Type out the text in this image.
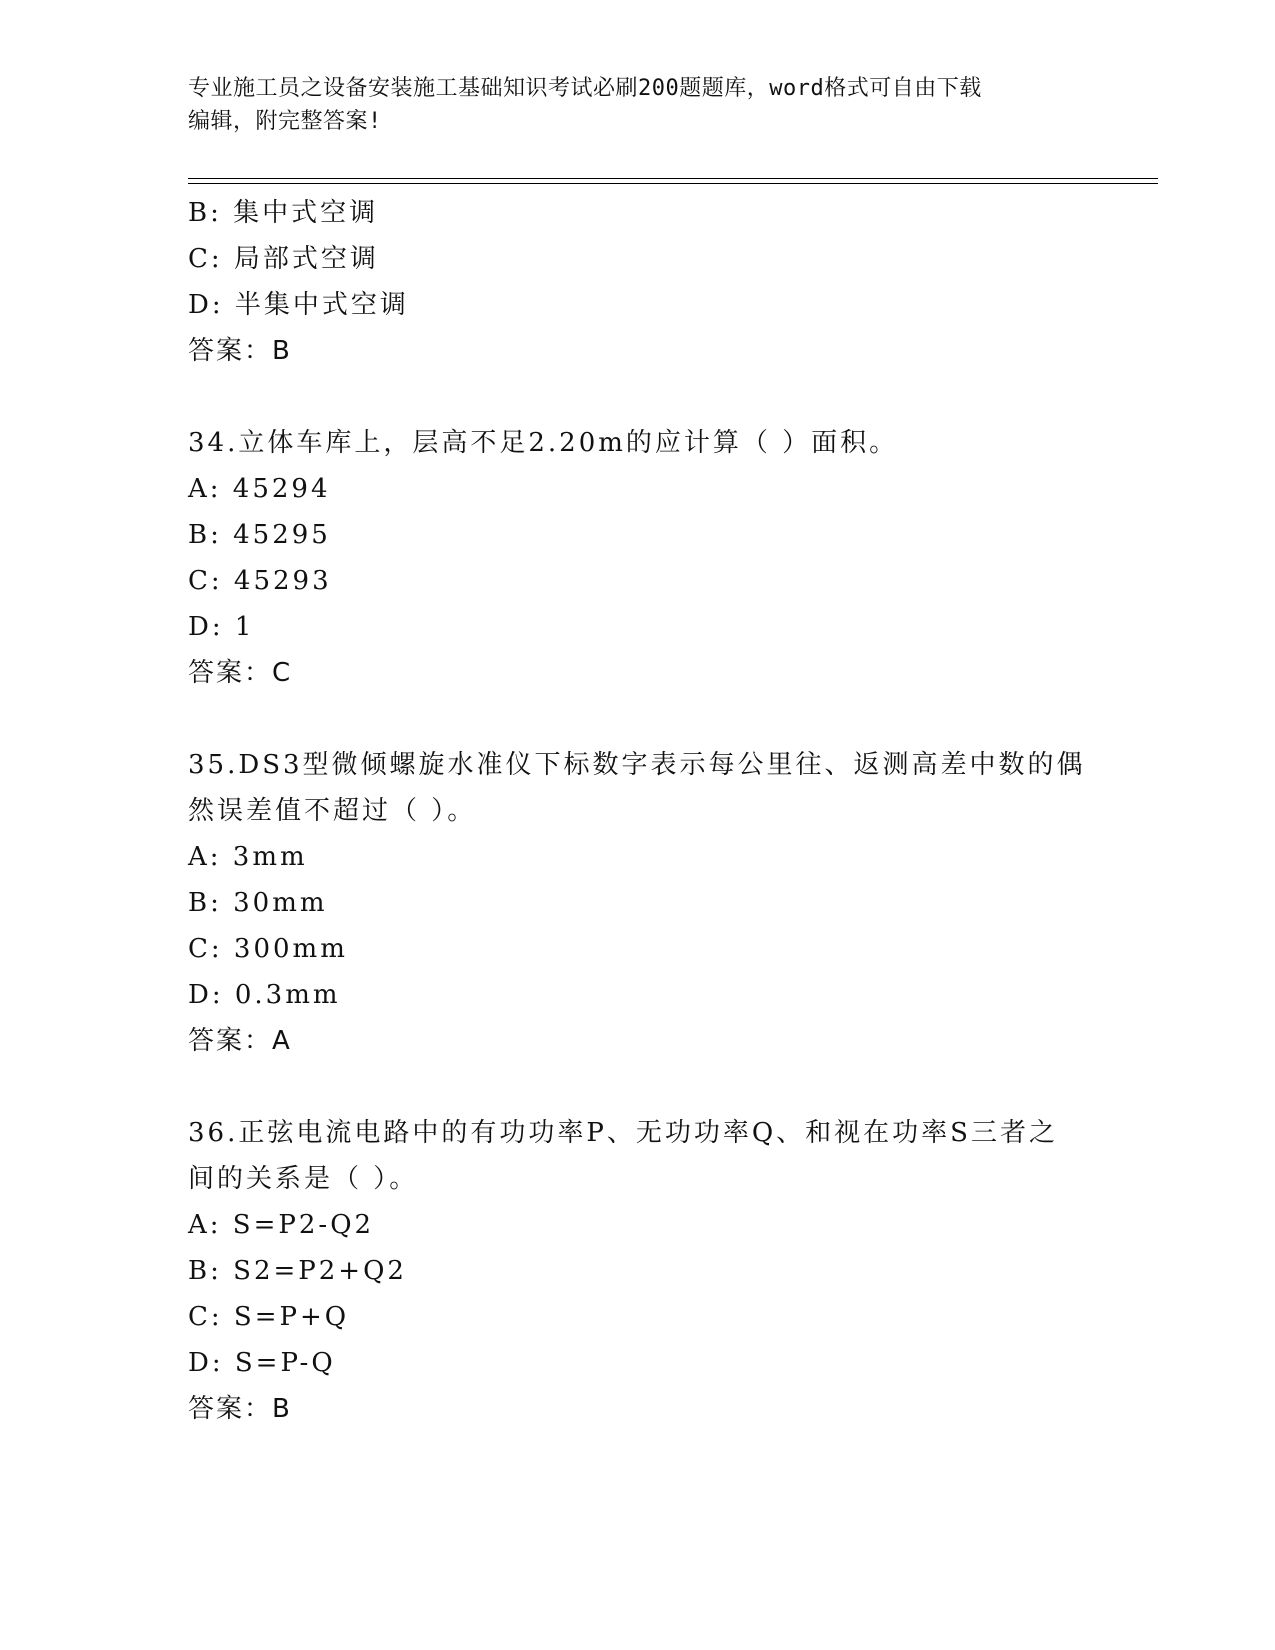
专业施工员之设备安装施工基础知识考试必刷200题题库，word格式可自由下载
编辑，附完整答案!
B: 集中式空调
C: 局部式空调
D: 半集中式空调
答案：B
34.立体车库上，层高不足2.20m的应计算（ ）面积。
A: 45294
B: 45295
C: 45293
D: 1
答案：C
35.DS3型微倾螺旋水准仪下标数字表示每公里往、返测高差中数的偶
然误差值不超过（ ）。
A: 3mm
B: 30mm
C: 300mm
D: 0.3mm
答案：A
36.正弦电流电路中的有功功率P、无功功率Q、和视在功率S三者之
间的关系是（ ）。
A: S=P2-Q2
B: S2=P2+Q2
C: S=P+Q
D: S=P-Q
答案：B
